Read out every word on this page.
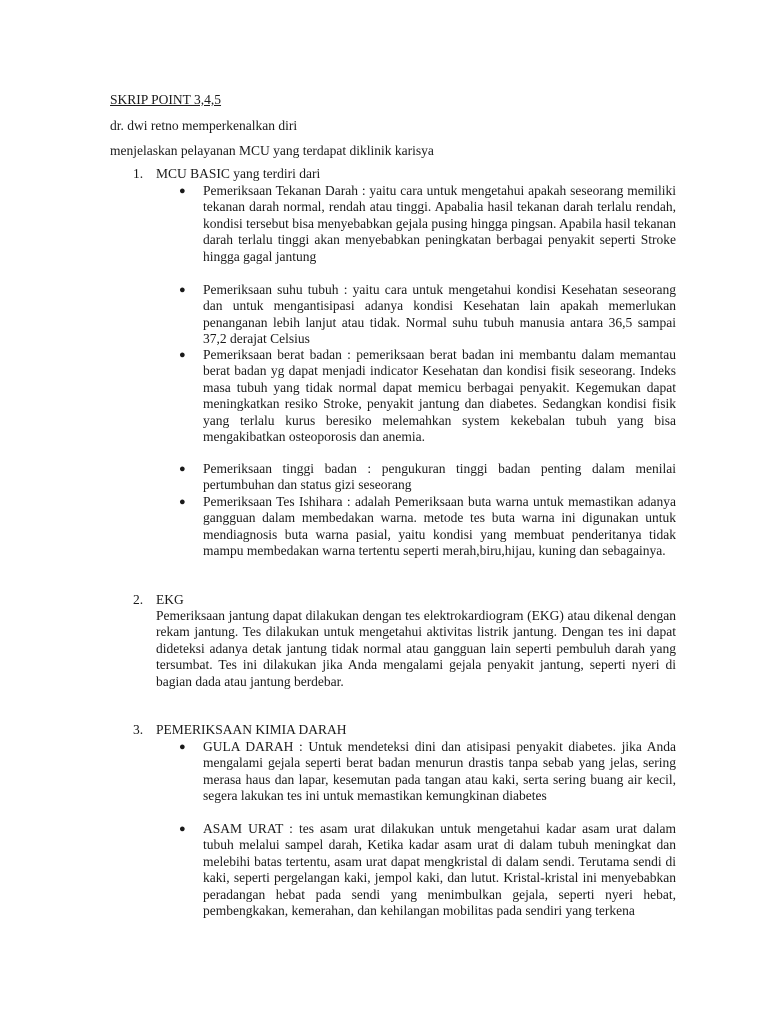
SKRIP POINT 3,4,5
dr. dwi retno memperkenalkan diri
menjelaskan pelayanan MCU yang terdapat diklinik karisya
1. MCU BASIC yang terdiri dari
● Pemeriksaan Tekanan Darah : yaitu cara untuk mengetahui apakah seseorang memiliki tekanan darah normal, rendah atau tinggi. Apabalia hasil tekanan darah terlalu rendah, kondisi tersebut bisa menyebabkan gejala pusing hingga pingsan. Apabila hasil tekanan darah terlalu tinggi akan menyebabkan peningkatan berbagai penyakit seperti Stroke hingga gagal jantung
● Pemeriksaan suhu tubuh : yaitu cara untuk mengetahui kondisi Kesehatan seseorang dan untuk mengantisipasi adanya kondisi Kesehatan lain apakah memerlukan penanganan lebih lanjut atau tidak. Normal suhu tubuh manusia antara 36,5 sampai 37,2 derajat Celsius
● Pemeriksaan berat badan : pemeriksaan berat badan ini membantu dalam memantau berat badan yg dapat menjadi indicator Kesehatan dan kondisi fisik seseorang. Indeks masa tubuh yang tidak normal dapat memicu berbagai penyakit. Kegemukan dapat meningkatkan resiko Stroke, penyakit jantung dan diabetes. Sedangkan kondisi fisik yang terlalu kurus beresiko melemahkan system kekebalan tubuh yang bisa mengakibatkan osteoporosis dan anemia.
● Pemeriksaan tinggi badan : pengukuran tinggi badan penting dalam menilai pertumbuhan dan status gizi seseorang
● Pemeriksaan Tes Ishihara : adalah Pemeriksaan buta warna untuk memastikan adanya gangguan dalam membedakan warna. metode tes buta warna ini digunakan untuk mendiagnosis buta warna pasial, yaitu kondisi yang membuat penderitanya tidak mampu membedakan warna tertentu seperti merah,biru,hijau, kuning dan sebagainya.
2. EKG
Pemeriksaan jantung dapat dilakukan dengan tes elektrokardiogram (EKG) atau dikenal dengan rekam jantung. Tes dilakukan untuk mengetahui aktivitas listrik jantung. Dengan tes ini dapat dideteksi adanya detak jantung tidak normal atau gangguan lain seperti pembuluh darah yang tersumbat. Tes ini dilakukan jika Anda mengalami gejala penyakit jantung, seperti nyeri di bagian dada atau jantung berdebar.
3. PEMERIKSAAN KIMIA DARAH
● GULA DARAH : Untuk mendeteksi dini dan atisipasi penyakit diabetes. jika Anda mengalami gejala seperti berat badan menurun drastis tanpa sebab yang jelas, sering merasa haus dan lapar, kesemutan pada tangan atau kaki, serta sering buang air kecil, segera lakukan tes ini untuk memastikan kemungkinan diabetes
● ASAM URAT : tes asam urat dilakukan untuk mengetahui kadar asam urat dalam tubuh melalui sampel darah, Ketika kadar asam urat di dalam tubuh meningkat dan melebihi batas tertentu, asam urat dapat mengkristal di dalam sendi. Terutama sendi di kaki, seperti pergelangan kaki, jempol kaki, dan lutut. Kristal-kristal ini menyebabkan peradangan hebat pada sendi yang menimbulkan gejala, seperti nyeri hebat, pembengkakan, kemerahan, dan kehilangan mobilitas pada sendiri yang terkena
